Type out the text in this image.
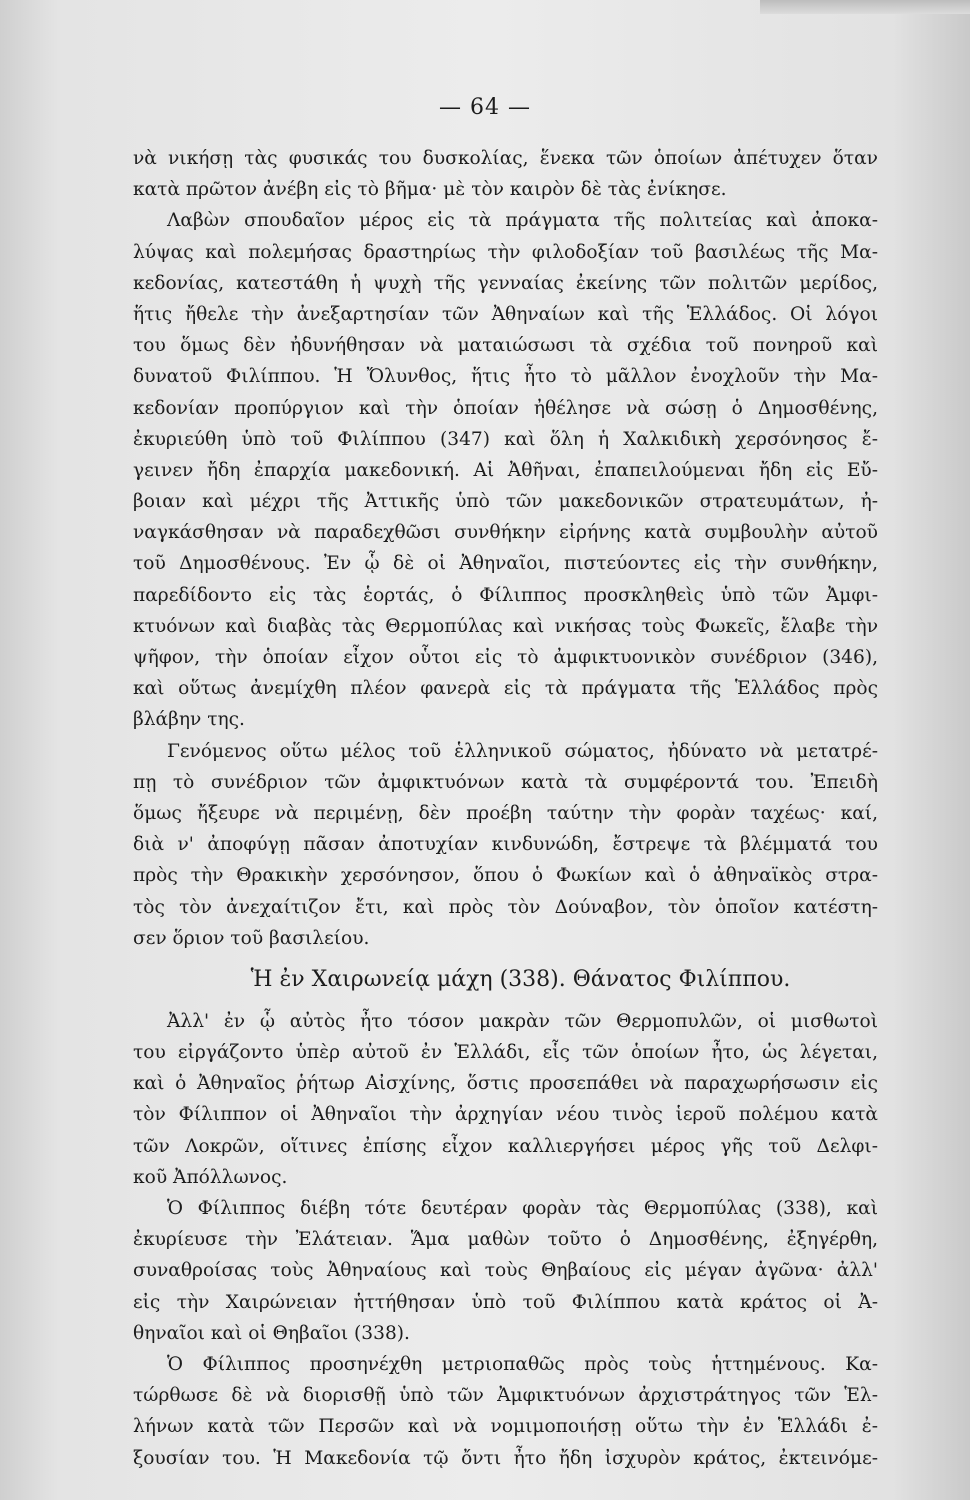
— 64 —
νὰ νικήσῃ τὰς φυσικάς του δυσκολίας, ἕνεκα τῶν ὁποίων ἀπέτυχεν ὅταν
κατὰ πρῶτον ἀνέβη εἰς τὸ βῆμα· μὲ τὸν καιρὸν δὲ τὰς ἐνίκησε.
Λαβὼν σπουδαῖον μέρος εἰς τὰ πράγματα τῆς πολιτείας καὶ ἀποκα-
λύψας καὶ πολεμήσας δραστηρίως τὴν φιλοδοξίαν τοῦ βασιλέως τῆς Μα-
κεδονίας, κατεστάθη ἡ ψυχὴ τῆς γενναίας ἐκείνης τῶν πολιτῶν μερίδος,
ἥτις ἤθελε τὴν ἀνεξαρτησίαν τῶν Ἀθηναίων καὶ τῆς Ἑλλάδος. Οἱ λόγοι
του ὅμως δὲν ἠδυνήθησαν νὰ ματαιώσωσι τὰ σχέδια τοῦ πονηροῦ καὶ
δυνατοῦ Φιλίππου. Ἡ Ὄλυνθος, ἥτις ἦτο τὸ μᾶλλον ἐνοχλοῦν τὴν Μα-
κεδονίαν προπύργιον καὶ τὴν ὁποίαν ἠθέλησε νὰ σώσῃ ὁ Δημοσθένης,
ἐκυριεύθη ὑπὸ τοῦ Φιλίππου (347) καὶ ὅλη ἡ Χαλκιδικὴ χερσόνησος ἔ-
γεινεν ἤδη ἐπαρχία μακεδονική. Αἱ Ἀθῆναι, ἐπαπειλούμεναι ἤδη εἰς Εὔ-
βοιαν καὶ μέχρι τῆς Ἀττικῆς ὑπὸ τῶν μακεδονικῶν στρατευμάτων, ἠ-
ναγκάσθησαν νὰ παραδεχθῶσι συνθήκην εἰρήνης κατὰ συμβουλὴν αὐτοῦ
τοῦ Δημοσθένους. Ἐν ᾧ δὲ οἱ Ἀθηναῖοι, πιστεύοντες εἰς τὴν συνθήκην,
παρεδίδοντο εἰς τὰς ἑορτάς, ὁ Φίλιππος προσκληθεὶς ὑπὸ τῶν Ἀμφι-
κτυόνων καὶ διαβὰς τὰς Θερμοπύλας καὶ νικήσας τοὺς Φωκεῖς, ἔλαβε τὴν
ψῆφον, τὴν ὁποίαν εἶχον οὗτοι εἰς τὸ ἀμφικτυονικὸν συνέδριον (346),
καὶ οὕτως ἀνεμίχθη πλέον φανερὰ εἰς τὰ πράγματα τῆς Ἑλλάδος πρὸς
βλάβην της.
Γενόμενος οὕτω μέλος τοῦ ἑλληνικοῦ σώματος, ἠδύνατο νὰ μετατρέ-
πῃ τὸ συνέδριον τῶν ἀμφικτυόνων κατὰ τὰ συμφέροντά του. Ἐπειδὴ
ὅμως ἤξευρε νὰ περιμένῃ, δὲν προέβη ταύτην τὴν φορὰν ταχέως· καί,
διὰ ν' ἀποφύγῃ πᾶσαν ἀποτυχίαν κινδυνώδη, ἔστρεψε τὰ βλέμματά του
πρὸς τὴν Θρακικὴν χερσόνησον, ὅπου ὁ Φωκίων καὶ ὁ ἀθηναϊκὸς στρα-
τὸς τὸν ἀνεχαίτιζον ἔτι, καὶ πρὸς τὸν Δούναβον, τὸν ὁποῖον κατέστη-
σεν ὅριον τοῦ βασιλείου.
Ἡ ἐν Χαιρωνείᾳ μάχη (338). Θάνατος Φιλίππου.
Ἀλλ' ἐν ᾧ αὐτὸς ἦτο τόσον μακρὰν τῶν Θερμοπυλῶν, οἱ μισθωτοὶ
του εἰργάζοντο ὑπὲρ αὐτοῦ ἐν Ἑλλάδι, εἷς τῶν ὁποίων ἦτο, ὡς λέγεται,
καὶ ὁ Ἀθηναῖος ῥήτωρ Αἰσχίνης, ὅστις προσεπάθει νὰ παραχωρήσωσιν εἰς
τὸν Φίλιππον οἱ Ἀθηναῖοι τὴν ἀρχηγίαν νέου τινὸς ἱεροῦ πολέμου κατὰ
τῶν Λοκρῶν, οἵτινες ἐπίσης εἶχον καλλιεργήσει μέρος γῆς τοῦ Δελφι-
κοῦ Ἀπόλλωνος.
Ὁ Φίλιππος διέβη τότε δευτέραν φορὰν τὰς Θερμοπύλας (338), καὶ
ἐκυρίευσε τὴν Ἐλάτειαν. Ἅμα μαθὼν τοῦτο ὁ Δημοσθένης, ἐξηγέρθη,
συναθροίσας τοὺς Ἀθηναίους καὶ τοὺς Θηβαίους εἰς μέγαν ἀγῶνα· ἀλλ'
εἰς τὴν Χαιρώνειαν ἡττήθησαν ὑπὸ τοῦ Φιλίππου κατὰ κράτος οἱ Ἀ-
θηναῖοι καὶ οἱ Θηβαῖοι (338).
Ὁ Φίλιππος προσηνέχθη μετριοπαθῶς πρὸς τοὺς ἡττημένους. Κα-
τώρθωσε δὲ νὰ διορισθῇ ὑπὸ τῶν Ἀμφικτυόνων ἀρχιστράτηγος τῶν Ἑλ-
λήνων κατὰ τῶν Περσῶν καὶ νὰ νομιμοποιήσῃ οὕτω τὴν ἐν Ἑλλάδι ἐ-
ξουσίαν του. Ἡ Μακεδονία τῷ ὄντι ἦτο ἤδη ἰσχυρὸν κράτος, ἐκτεινόμε-
